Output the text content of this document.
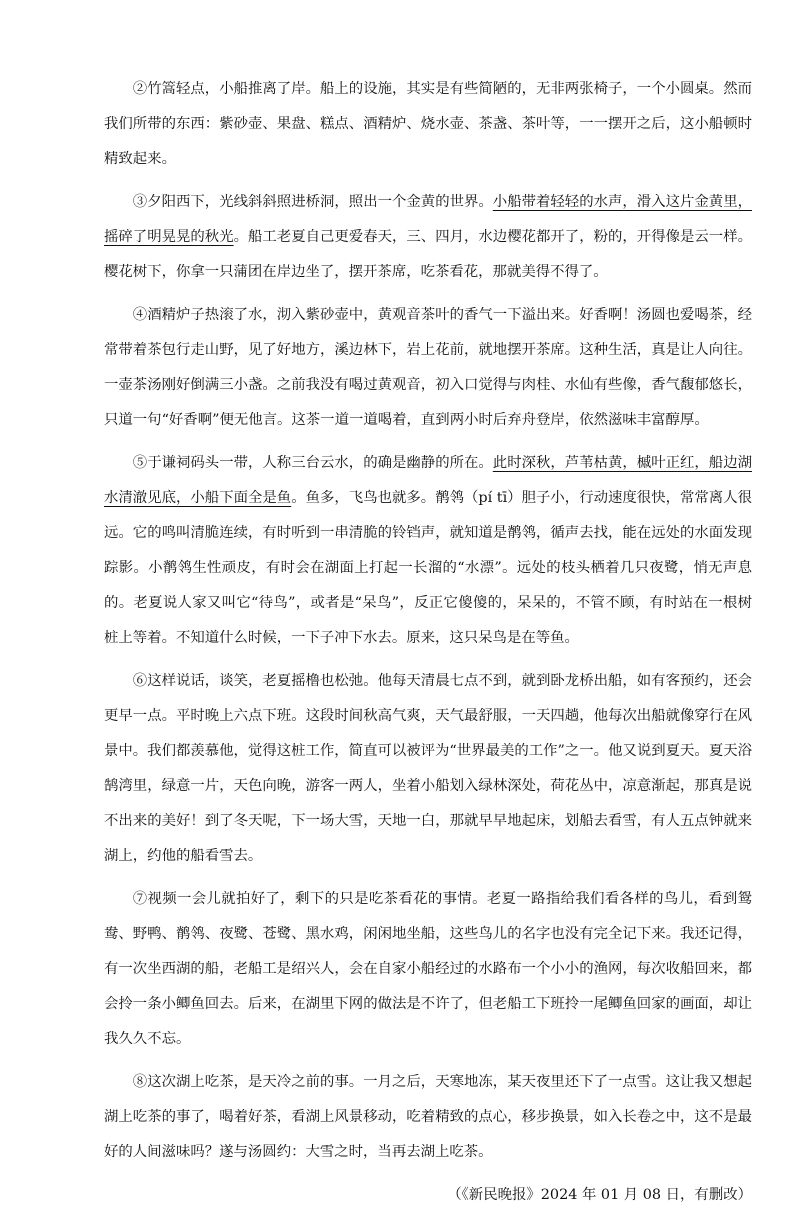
②竹篙轻点，小船推离了岸。船上的设施，其实是有些简陋的，无非两张椅子，一个小圆桌。然而我们所带的东西：紫砂壶、果盘、糕点、酒精炉、烧水壶、茶盏、茶叶等，一一摆开之后，这小船顿时精致起来。

③夕阳西下，光线斜斜照进桥洞，照出一个金黄的世界。小船带着轻轻的水声，滑入这片金黄里，摇碎了明晃晃的秋光。船工老夏自己更爱春天，三、四月，水边樱花都开了，粉的，开得像是云一样。樱花树下，你拿一只蒲团在岸边坐了，摆开茶席，吃茶看花，那就美得不得了。

④酒精炉子热滚了水，沏入紫砂壶中，黄观音茶叶的香气一下溢出来。好香啊！汤圆也爱喝茶，经常带着茶包行走山野，见了好地方，溪边林下，岩上花前，就地摆开茶席。这种生活，真是让人向往。一壶茶汤刚好倒满三小盏。之前我没有喝过黄观音，初入口觉得与肉桂、水仙有些像，香气馥郁悠长，只道一句“好香啊”便无他言。这茶一道一道喝着，直到两小时后弃舟登岸，依然滋味丰富醇厚。

⑤于谦祠码头一带，人称三台云水，的确是幽静的所在。此时深秋，芦苇枯黄，槭叶正红，船边湖水清澈见底，小船下面全是鱼。鱼多，飞鸟也就多。鹡鸰（pí tī）胆子小，行动速度很快，常常离人很远。它的鸣叫清脆连续，有时听到一串清脆的铃铛声，就知道是鹡鸰，循声去找，能在远处的水面发现踪影。小鹡鸰生性顽皮，有时会在湖面上打起一长溜的“水漂”。远处的枝头栖着几只夜鹭，悄无声息的。老夏说人家又叫它“待鸟”，或者是“呆鸟”，反正它傻傻的，呆呆的，不管不顾，有时站在一根树桩上等着。不知道什么时候，一下子冲下水去。原来，这只呆鸟是在等鱼。

⑥这样说话，谈笑，老夏摇橹也松弛。他每天清晨七点不到，就到卧龙桥出船，如有客预约，还会更早一点。平时晚上六点下班。这段时间秋高气爽，天气最舒服，一天四趟，他每次出船就像穿行在风景中。我们都羡慕他，觉得这桩工作，简直可以被评为“世界最美的工作”之一。他又说到夏天。夏天浴鹄湾里，绿意一片，天色向晚，游客一两人，坐着小船划入绿林深处，荷花丛中，凉意渐起，那真是说不出来的美好！到了冬天呢，下一场大雪，天地一白，那就早早地起床，划船去看雪，有人五点钟就来湖上，约他的船看雪去。

⑦视频一会儿就拍好了，剩下的只是吃茶看花的事情。老夏一路指给我们看各样的鸟儿，看到鸳鸯、野鸭、鹡鸰、夜鹭、苍鹭、黑水鸡，闲闲地坐船，这些鸟儿的名字也没有完全记下来。我还记得，有一次坐西湖的船，老船工是绍兴人，会在自家小船经过的水路布一个小小的渔网，每次收船回来，都会拎一条小鲫鱼回去。后来，在湖里下网的做法是不许了，但老船工下班拎一尾鲫鱼回家的画面，却让我久久不忘。

⑧这次湖上吃茶，是天冷之前的事。一月之后，天寒地冻，某天夜里还下了一点雪。这让我又想起湖上吃茶的事了，喝着好茶，看湖上风景移动，吃着精致的点心，移步换景，如入长卷之中，这不是最好的人间滋味吗？遂与汤圆约：大雪之时，当再去湖上吃茶。

（《新民晚报》2024 年 01 月 08 日，有删改）
